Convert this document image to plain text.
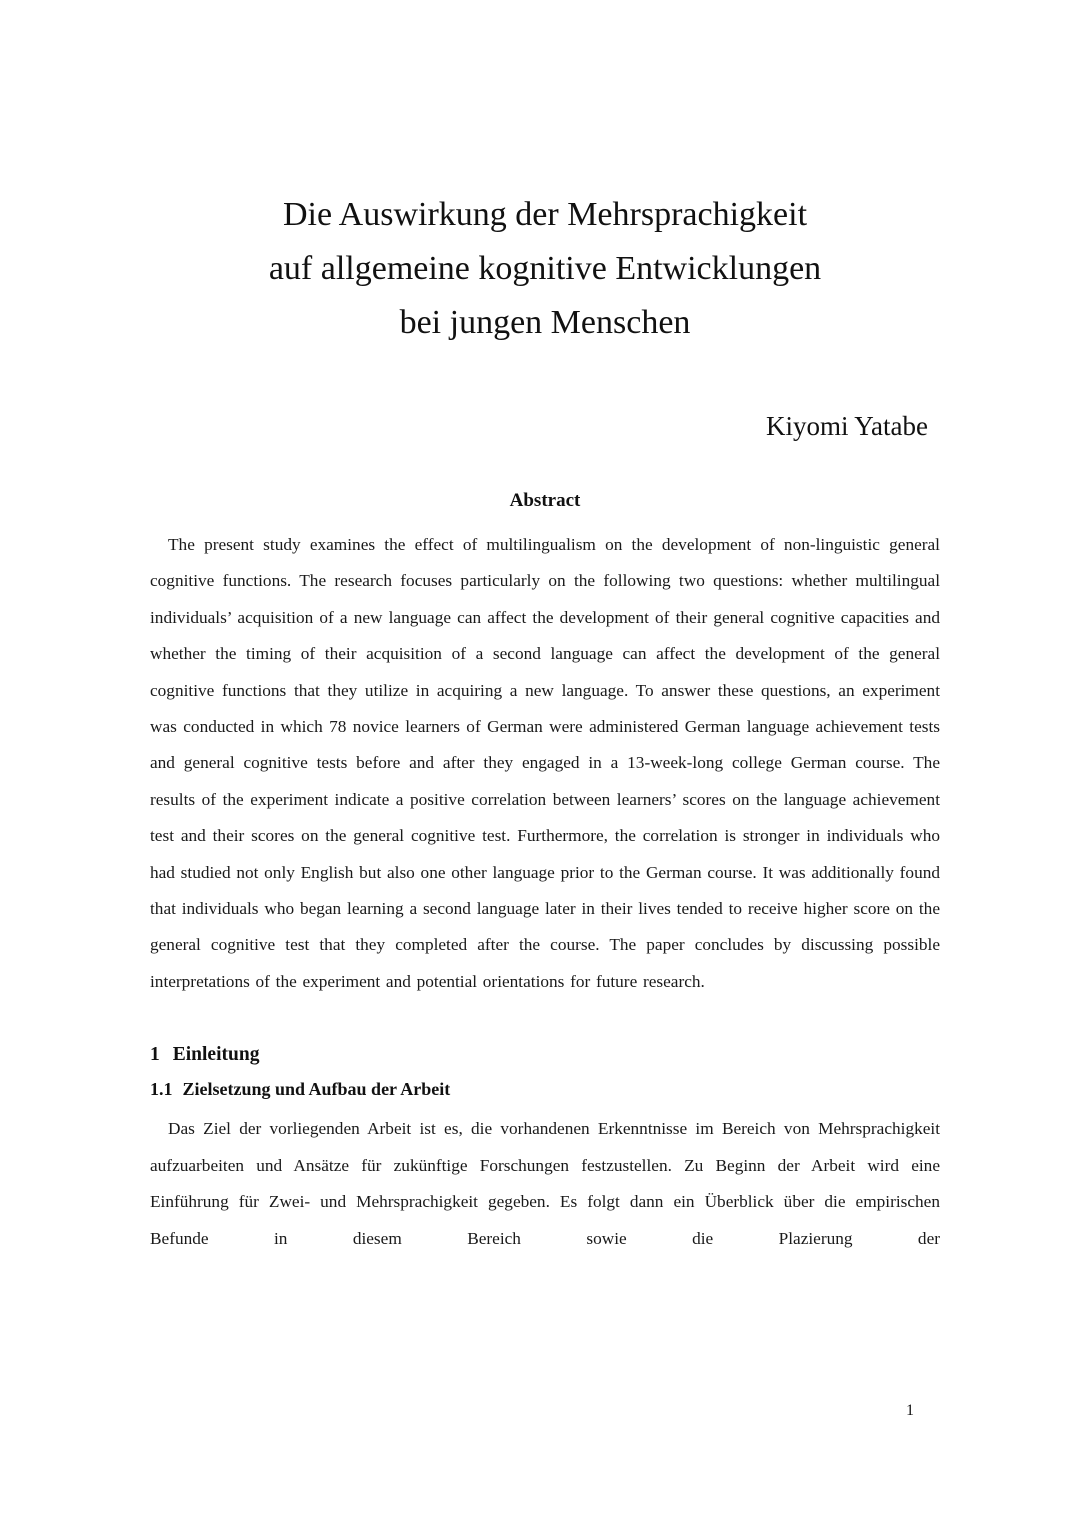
Die Auswirkung der Mehrsprachigkeit
auf allgemeine kognitive Entwicklungen
bei jungen Menschen
Kiyomi Yatabe
Abstract

The present study examines the effect of multilingualism on the development of non-linguistic general cognitive functions. The research focuses particularly on the following two questions: whether multilingual individuals’ acquisition of a new language can affect the development of their general cognitive capacities and whether the timing of their acquisition of a second language can affect the development of the general cognitive functions that they utilize in acquiring a new language. To answer these questions, an experiment was conducted in which 78 novice learners of German were administered German language achievement tests and general cognitive tests before and after they engaged in a 13-week-long college German course. The results of the experiment indicate a positive correlation between learners’ scores on the language achievement test and their scores on the general cognitive test. Furthermore, the correlation is stronger in individuals who had studied not only English but also one other language prior to the German course. It was additionally found that individuals who began learning a second language later in their lives tended to receive higher score on the general cognitive test that they completed after the course. The paper concludes by discussing possible interpretations of the experiment and potential orientations for future research.

1 Einleitung
1.1 Zielsetzung und Aufbau der Arbeit

Das Ziel der vorliegenden Arbeit ist es, die vorhandenen Erkenntnisse im Bereich von Mehrsprachigkeit aufzuarbeiten und Ansätze für zukünftige Forschungen festzustellen. Zu Beginn der Arbeit wird eine Einführung für Zwei- und Mehrsprachigkeit gegeben. Es folgt dann ein Überblick über die empirischen Befunde in diesem Bereich sowie die Plazierung der

1
